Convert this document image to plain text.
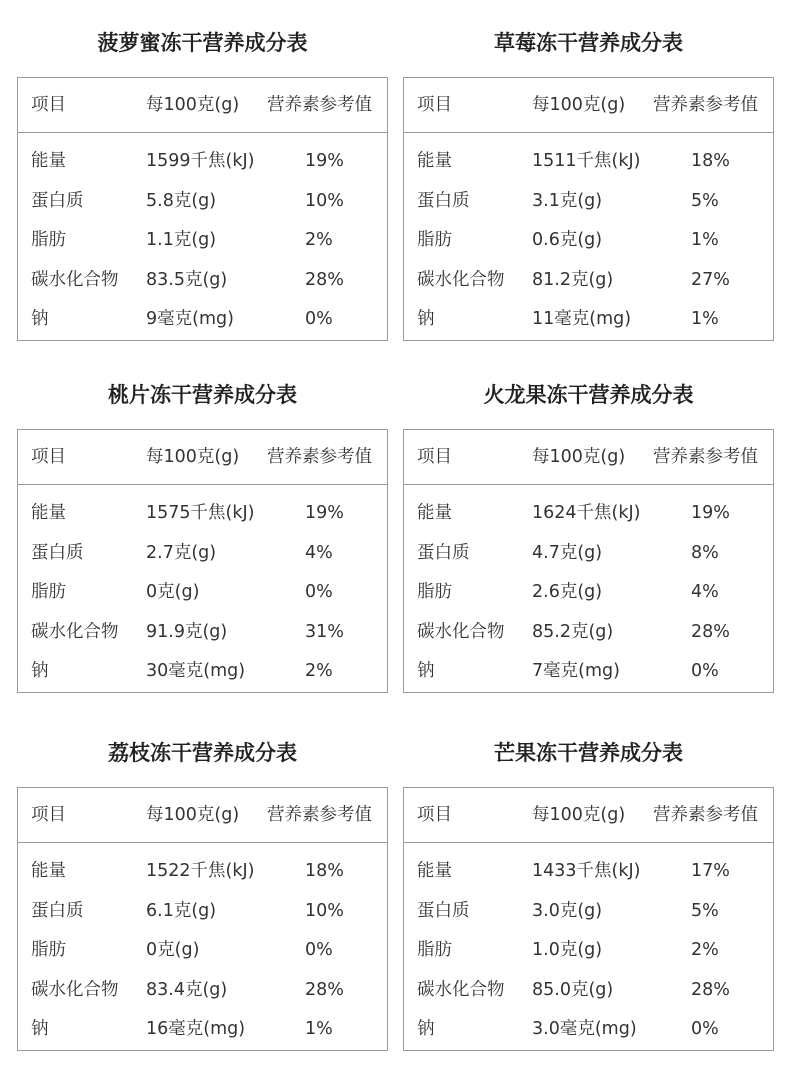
菠萝蜜冻干营养成分表
项目	每100克(g) 营养素参考值
能量	1599千焦(kJ)	19%
蛋白质	5.8克(g)	10%
脂肪	1.1克(g)	2%
碳水化合物 83.5克(g)	28%
钠	9毫克(mg)	0%
草莓冻干营养成分表
项目	每100克(g) 营养素参考值
能量	1511千焦(kJ)	18%
蛋白质	3.1克(g)	5%
脂肪	0.6克(g)	1%
碳水化合物 81.2克(g)	27%
钠	11毫克(mg)	1%
桃片冻干营养成分表
项目	每100克(g) 营养素参考值
能量	1575千焦(kJ)	19%
蛋白质	2.7克(g)	4%
脂肪	0克(g)	0%
碳水化合物 91.9克(g)	31%
钠	30毫克(mg)	2%
火龙果冻干营养成分表
项目	每100克(g) 营养素参考值
能量	1624千焦(kJ)	19%
蛋白质	4.7克(g)	8%
脂肪	2.6克(g)	4%
碳水化合物 85.2克(g)	28%
钠	7毫克(mg)	0%
荔枝冻干营养成分表
项目	每100克(g) 营养素参考值
能量	1522千焦(kJ)	18%
蛋白质	6.1克(g)	10%
脂肪	0克(g)	0%
碳水化合物 83.4克(g)	28%
钠	16毫克(mg)	1%
芒果冻干营养成分表
项目	每100克(g) 营养素参考值
能量	1433千焦(kJ)	17%
蛋白质	3.0克(g)	5%
脂肪	1.0克(g)	2%
碳水化合物 85.0克(g)	28%
钠	3.0毫克(mg)	0%
